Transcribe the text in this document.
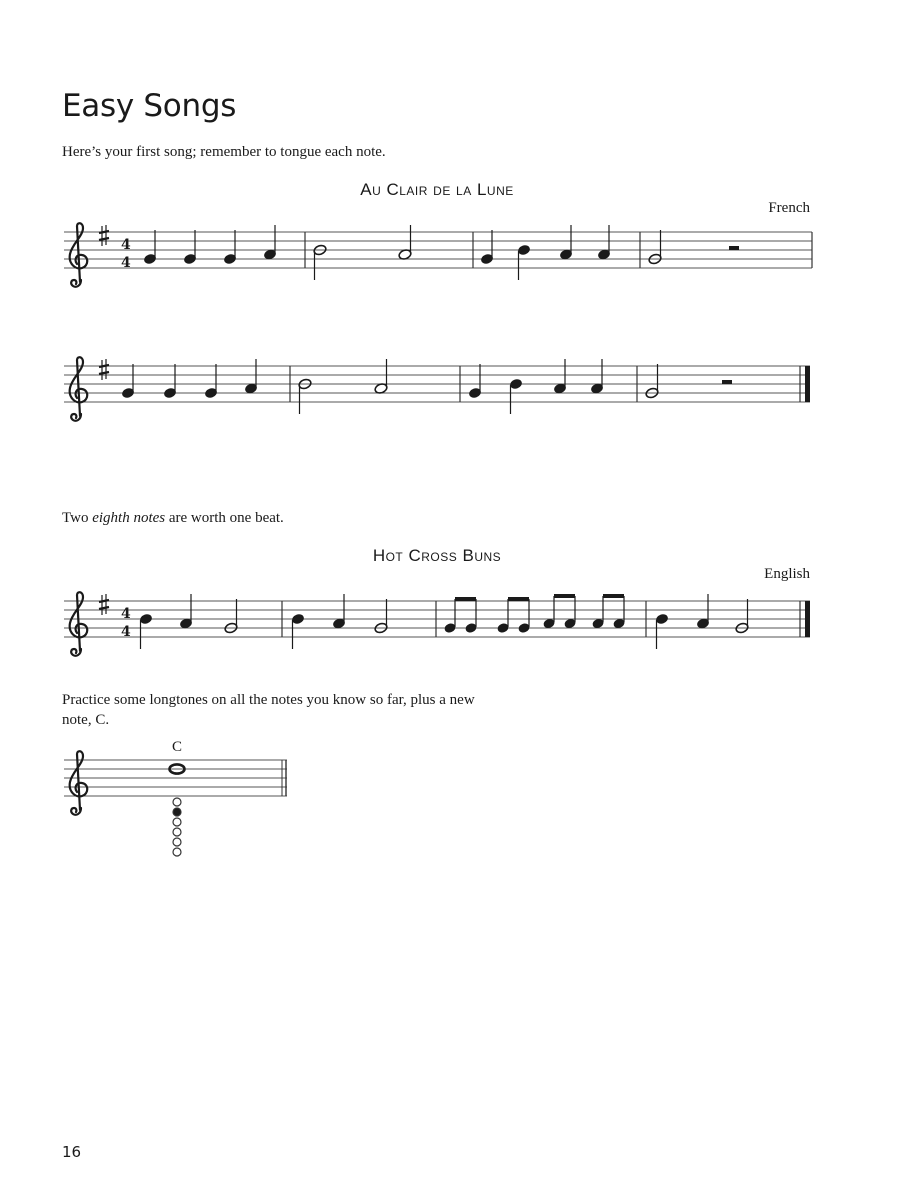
Easy Songs
Here’s your first song; remember to tongue each note.
Au Clair de la Lune
French
4
4
4
4
C
Two eighth notes are worth one beat.
Hot Cross Buns
English
Practice some longtones on all the notes you know so far, plus a new note, C.
16
